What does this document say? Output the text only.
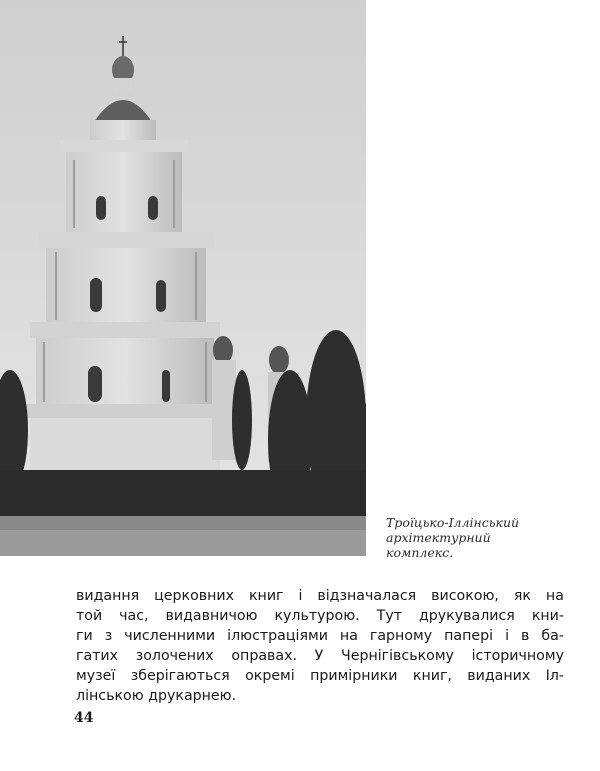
Троїцько-Іллінський
архітектурний
комплекс.
видання церковних книг і відзначалася високою, як на
той час, видавничою культурою. Тут друкувалися кни-
ги з численними ілюстраціями на гарному папері і в ба-
гатих золочених оправах. У Чернігівському історичному
музеї зберігаються окремі примірники книг, виданих Іл-
лінською друкарнею.
44
